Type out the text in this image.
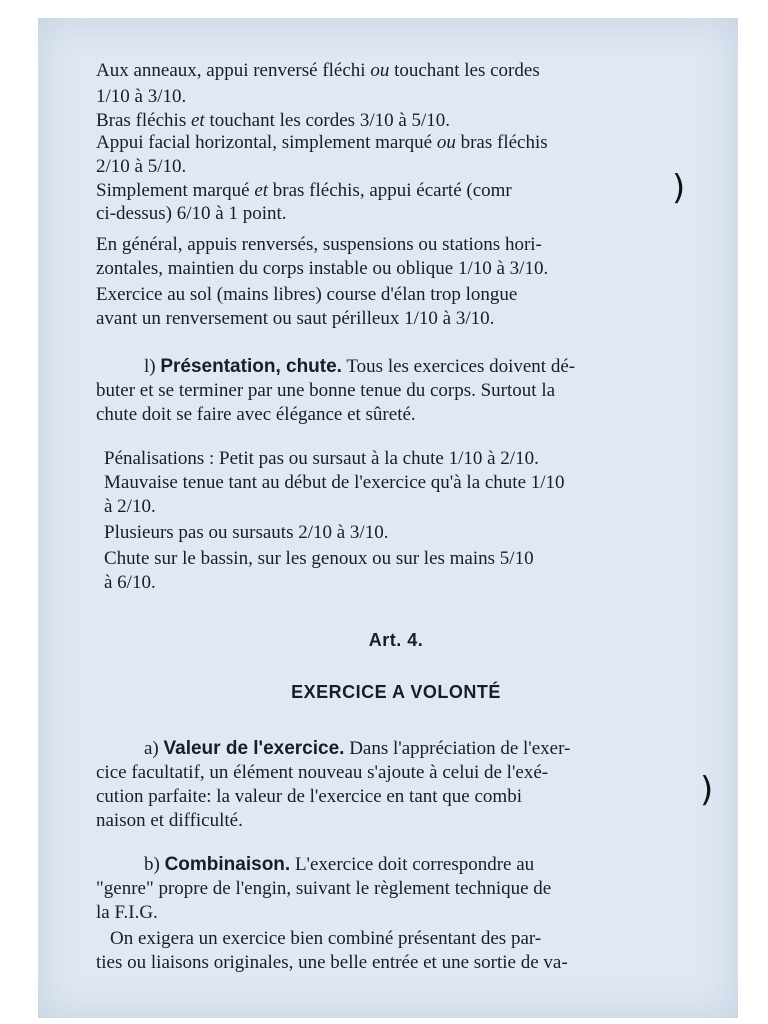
Aux anneaux, appui renversé fléchi ou touchant les cordes
1/10 à 3/10.
Bras fléchis et touchant les cordes 3/10 à 5/10.
Appui facial horizontal, simplement marqué ou bras fléchis
2/10 à 5/10.
Simplement marqué et bras fléchis, appui écarté (comr
ci-dessus) 6/10 à 1 point.
En général, appuis renversés, suspensions ou stations hori-
zontales, maintien du corps instable ou oblique 1/10 à 3/10.
Exercice au sol (mains libres) course d'élan trop longue
avant un renversement ou saut périlleux 1/10 à 3/10.
l) Présentation, chute. Tous les exercices doivent dé-
buter et se terminer par une bonne tenue du corps. Surtout la
chute doit se faire avec élégance et sûreté.
Pénalisations : Petit pas ou sursaut à la chute 1/10 à 2/10.
Mauvaise tenue tant au début de l'exercice qu'à la chute 1/10
à 2/10.
Plusieurs pas ou sursauts 2/10 à 3/10.
Chute sur le bassin, sur les genoux ou sur les mains 5/10
à 6/10.
Art. 4.
EXERCICE A VOLONTÉ
a) Valeur de l'exercice. Dans l'appréciation de l'exer-
cice facultatif, un élément nouveau s'ajoute à celui de l'exé-
cution parfaite: la valeur de l'exercice en tant que combi
naison et difficulté.
b) Combinaison. L'exercice doit correspondre au
"genre" propre de l'engin, suivant le règlement technique de
la F.I.G.
On exigera un exercice bien combiné présentant des par-
ties ou liaisons originales, une belle entrée et une sortie de va-
)
)
